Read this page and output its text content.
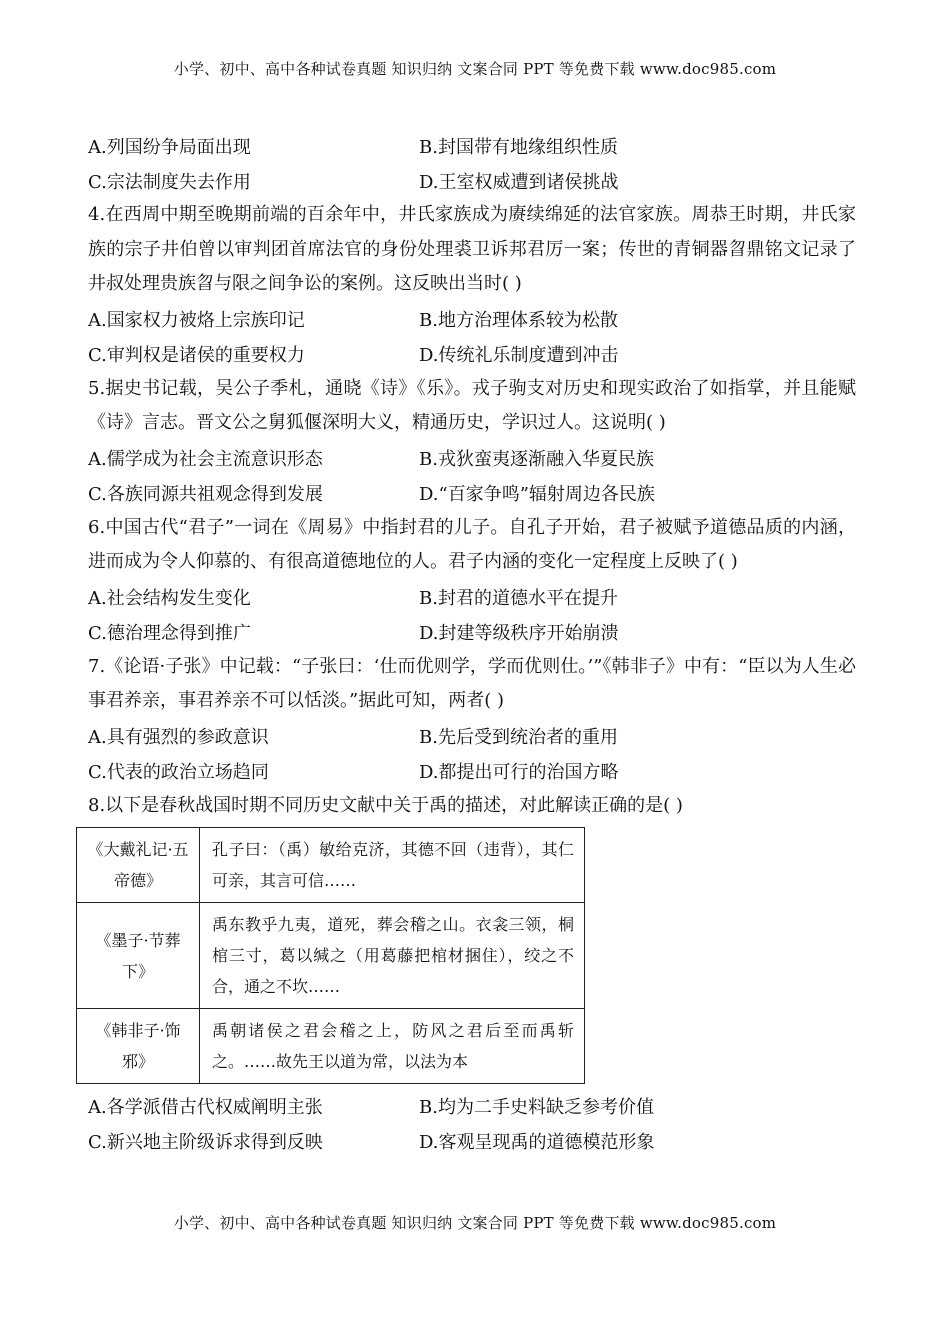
小学、初中、高中各种试卷真题 知识归纳 文案合同 PPT 等免费下载 www.doc985.com
A.列国纷争局面出现	B.封国带有地缘组织性质
C.宗法制度失去作用	D.王室权威遭到诸侯挑战
4.在西周中期至晚期前端的百余年中，井氏家族成为赓续绵延的法官家族。周恭王时期，井氏家族的宗子井伯曾以审判团首席法官的身份处理裘卫诉邦君厉一案；传世的青铜器曶鼎铭文记录了井叔处理贵族曶与限之间争讼的案例。这反映出当时( )
A.国家权力被烙上宗族印记	B.地方治理体系较为松散
C.审判权是诸侯的重要权力	D.传统礼乐制度遭到冲击
5.据史书记载，吴公子季札，通晓《诗》《乐》。戎子驹支对历史和现实政治了如指掌，并且能赋《诗》言志。晋文公之舅狐偃深明大义，精通历史，学识过人。这说明( )
A.儒学成为社会主流意识形态	B.戎狄蛮夷逐渐融入华夏民族
C.各族同源共祖观念得到发展	D.“百家争鸣”辐射周边各民族
6.中国古代“君子”一词在《周易》中指封君的儿子。自孔子开始，君子被赋予道德品质的内涵，进而成为令人仰慕的、有很高道德地位的人。君子内涵的变化一定程度上反映了( )
A.社会结构发生变化	B.封君的道德水平在提升
C.德治理念得到推广	D.封建等级秩序开始崩溃
7.《论语·子张》中记载：“子张曰：‘仕而优则学，学而优则仕。’”《韩非子》中有：“臣以为人生必事君养亲，事君养亲不可以恬淡。”据此可知，两者( )
A.具有强烈的参政意识	B.先后受到统治者的重用
C.代表的政治立场趋同	D.都提出可行的治国方略
8.以下是春秋战国时期不同历史文献中关于禹的描述，对此解读正确的是( )
《大戴礼记·五帝德》	孔子曰：（禹）敏给克济，其德不回（违背），其仁可亲，其言可信……
《墨子·节葬下》	禹东教乎九夷，道死，葬会稽之山。衣衾三领，桐棺三寸，葛以缄之（用葛藤把棺材捆住），绞之不合，通之不坎……
《韩非子·饰邪》	禹朝诸侯之君会稽之上，防风之君后至而禹斩之。……故先王以道为常，以法为本
A.各学派借古代权威阐明主张	B.均为二手史料缺乏参考价值
C.新兴地主阶级诉求得到反映	D.客观呈现禹的道德模范形象
小学、初中、高中各种试卷真题 知识归纳 文案合同 PPT 等免费下载 www.doc985.com
